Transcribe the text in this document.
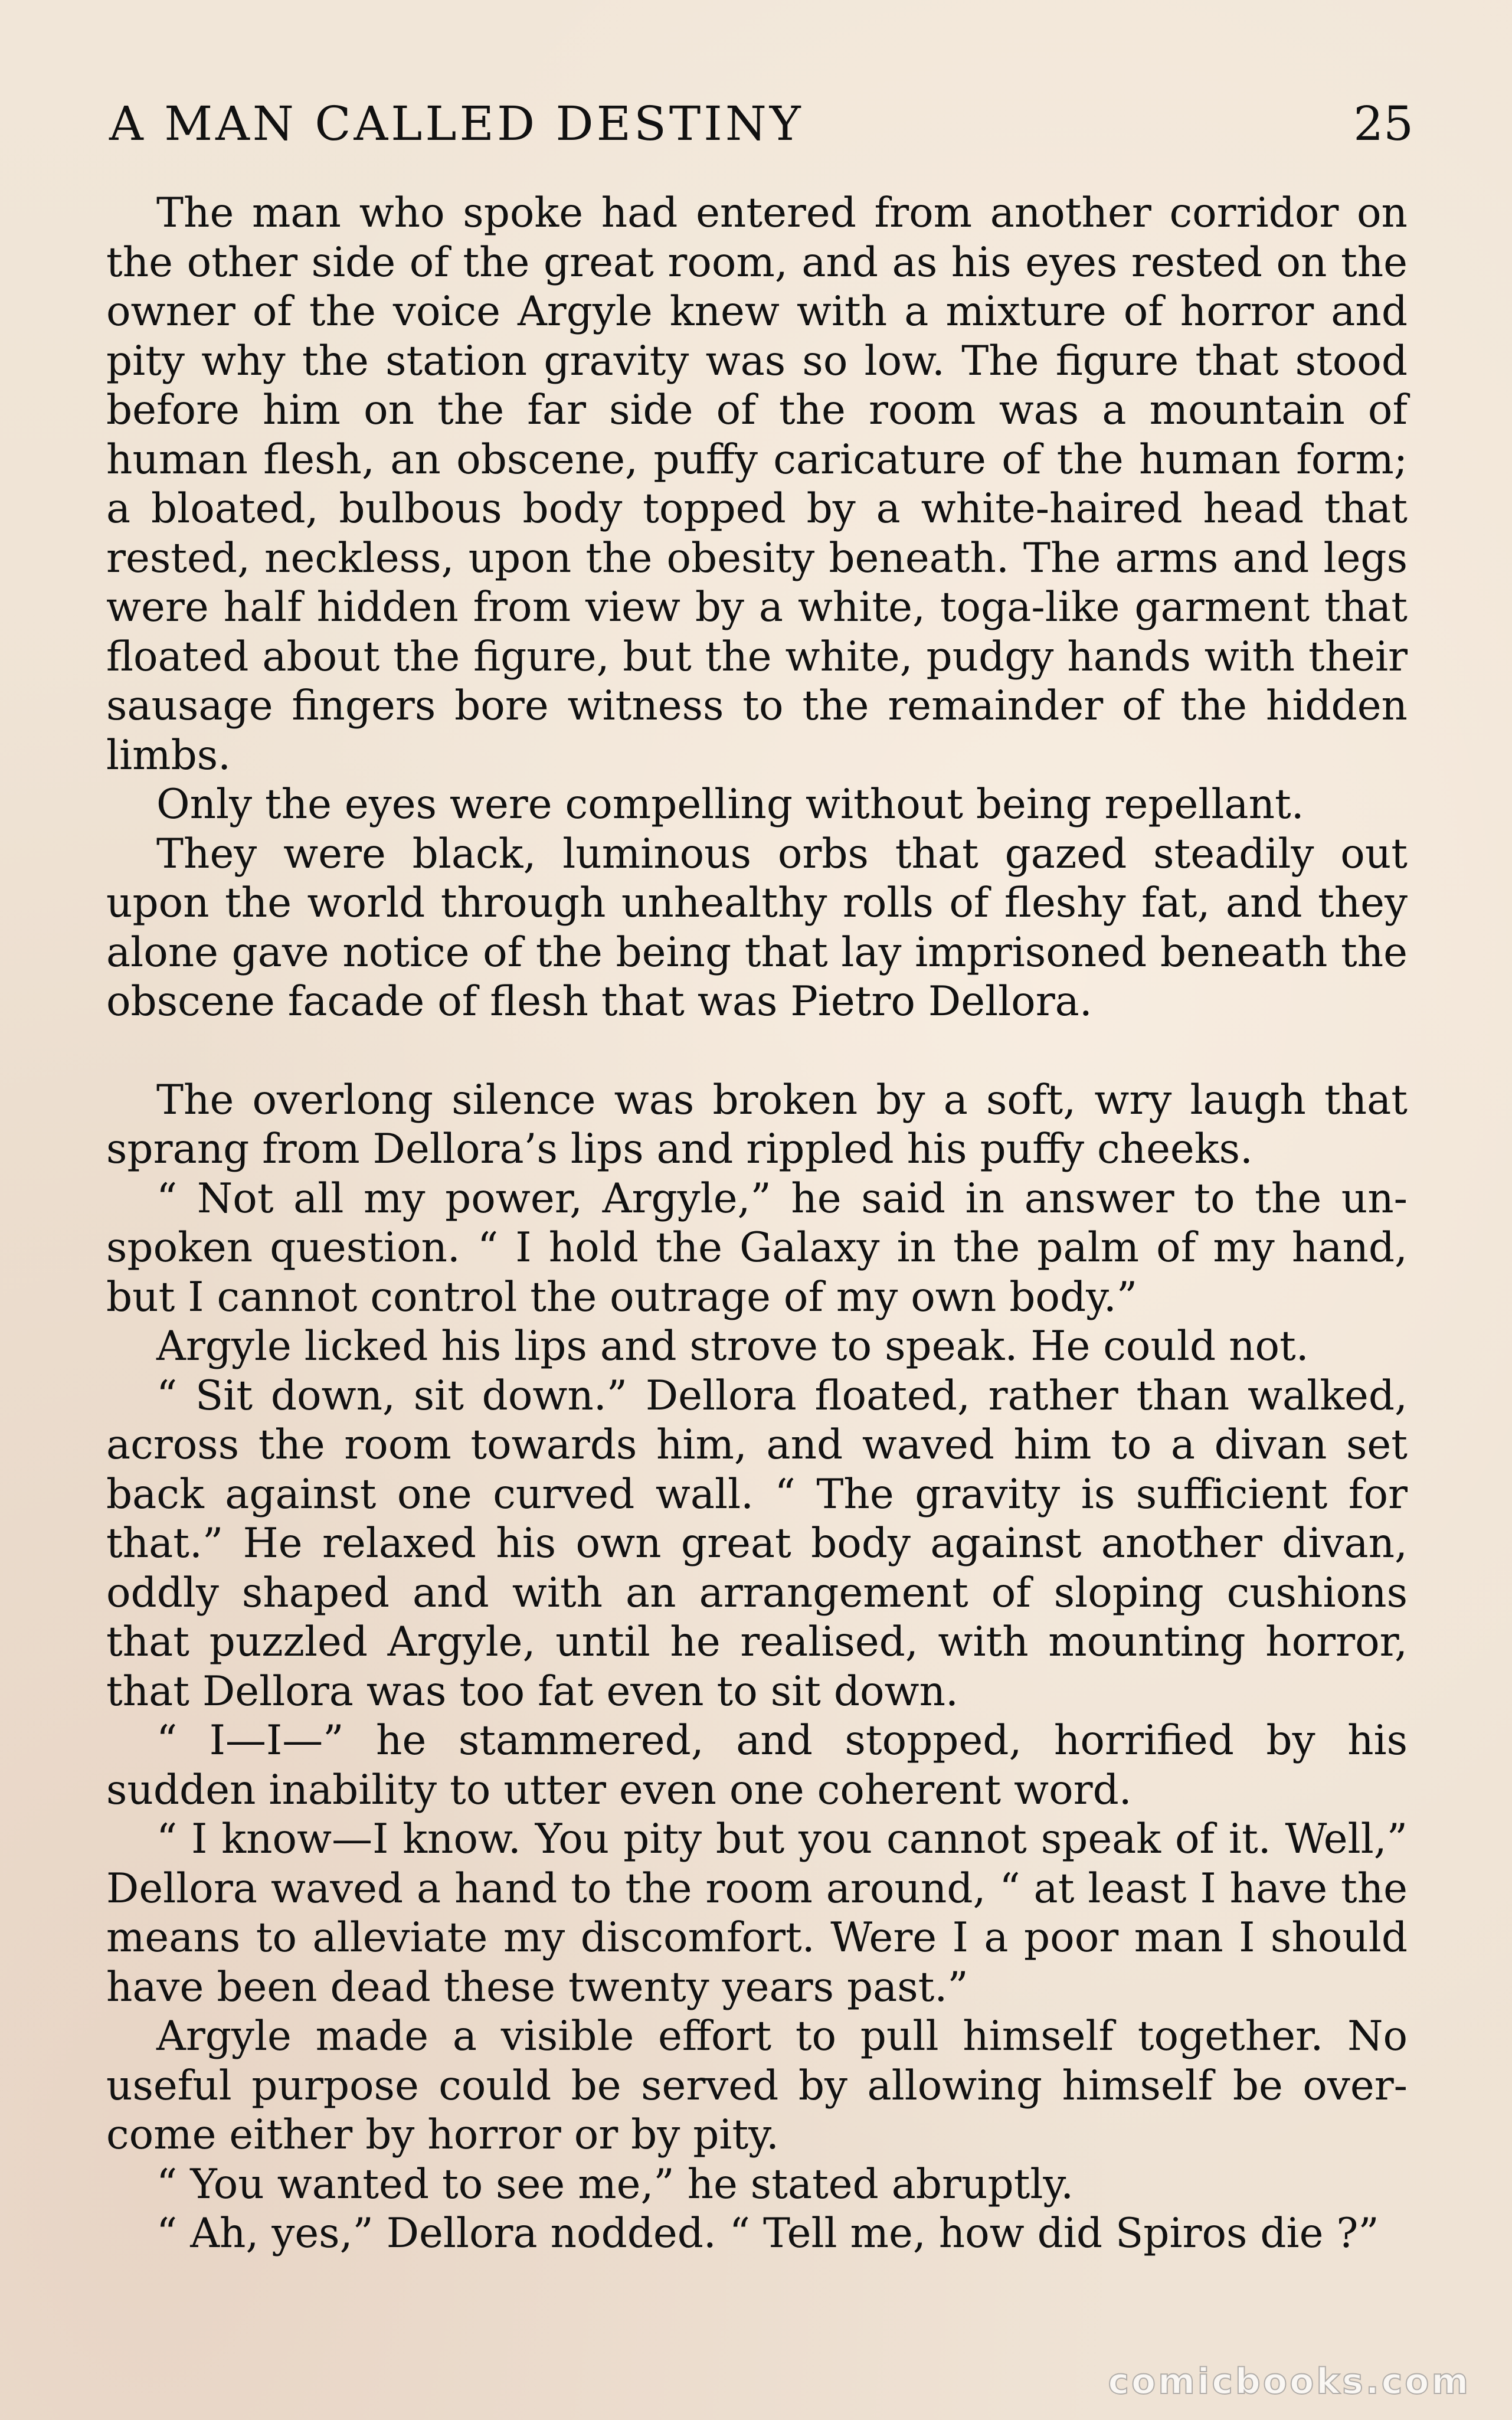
A MAN CALLED DESTINY	25

The man who spoke had entered from another corridor on the other side of the great room, and as his eyes rested on the owner of the voice Argyle knew with a mixture of horror and pity why the station gravity was so low. The figure that stood before him on the far side of the room was a mountain of human flesh, an obscene, puffy caricature of the human form; a bloated, bulbous body topped by a white-haired head that rested, neckless, upon the obesity beneath. The arms and legs were half hidden from view by a white, toga-like garment that floated about the figure, but the white, pudgy hands with their sausage fingers bore witness to the remainder of the hidden limbs.

Only the eyes were compelling without being repellant.

They were black, luminous orbs that gazed steadily out upon the world through unhealthy rolls of fleshy fat, and they alone gave notice of the being that lay imprisoned beneath the obscene facade of flesh that was Pietro Dellora.

The overlong silence was broken by a soft, wry laugh that sprang from Dellora’s lips and rippled his puffy cheeks.

“ Not all my power, Argyle,” he said in answer to the un-spoken question. “ I hold the Galaxy in the palm of my hand, but I cannot control the outrage of my own body.”

Argyle licked his lips and strove to speak. He could not.

“ Sit down, sit down.” Dellora floated, rather than walked, across the room towards him, and waved him to a divan set back against one curved wall. “ The gravity is sufficient for that.” He relaxed his own great body against another divan, oddly shaped and with an arrangement of sloping cushions that puzzled Argyle, until he realised, with mounting horror, that Dellora was too fat even to sit down.

“ I—I—” he stammered, and stopped, horrified by his sudden inability to utter even one coherent word.

“ I know—I know. You pity but you cannot speak of it. Well,” Dellora waved a hand to the room around, “ at least I have the means to alleviate my discomfort. Were I a poor man I should have been dead these twenty years past.”

Argyle made a visible effort to pull himself together. No useful purpose could be served by allowing himself be over-come either by horror or by pity.

“ You wanted to see me,” he stated abruptly.

“ Ah, yes,” Dellora nodded. “ Tell me, how did Spiros die ?”

comicbooks.com
